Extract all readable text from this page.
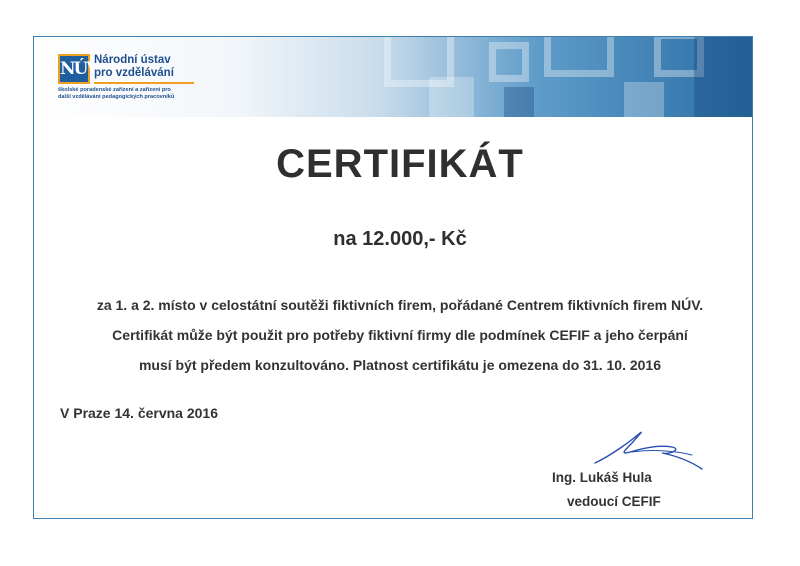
NÚV
Národní ústav
pro vzdělávání
školské poradenské zařízení a zařízení pro
další vzdělávání pedagogických pracovníků
CERTIFIKÁT
na 12.000,- Kč
za 1. a 2. místo v celostátní soutěži fiktivních firem, pořádané Centrem fiktivních firem NÚV.
Certifikát může být použit pro potřeby fiktivní firmy dle podmínek CEFIF a jeho čerpání
musí být předem konzultováno. Platnost certifikátu je omezena do 31. 10. 2016
V Praze 14. června 2016
Ing. Lukáš Hula
vedoucí CEFIF
